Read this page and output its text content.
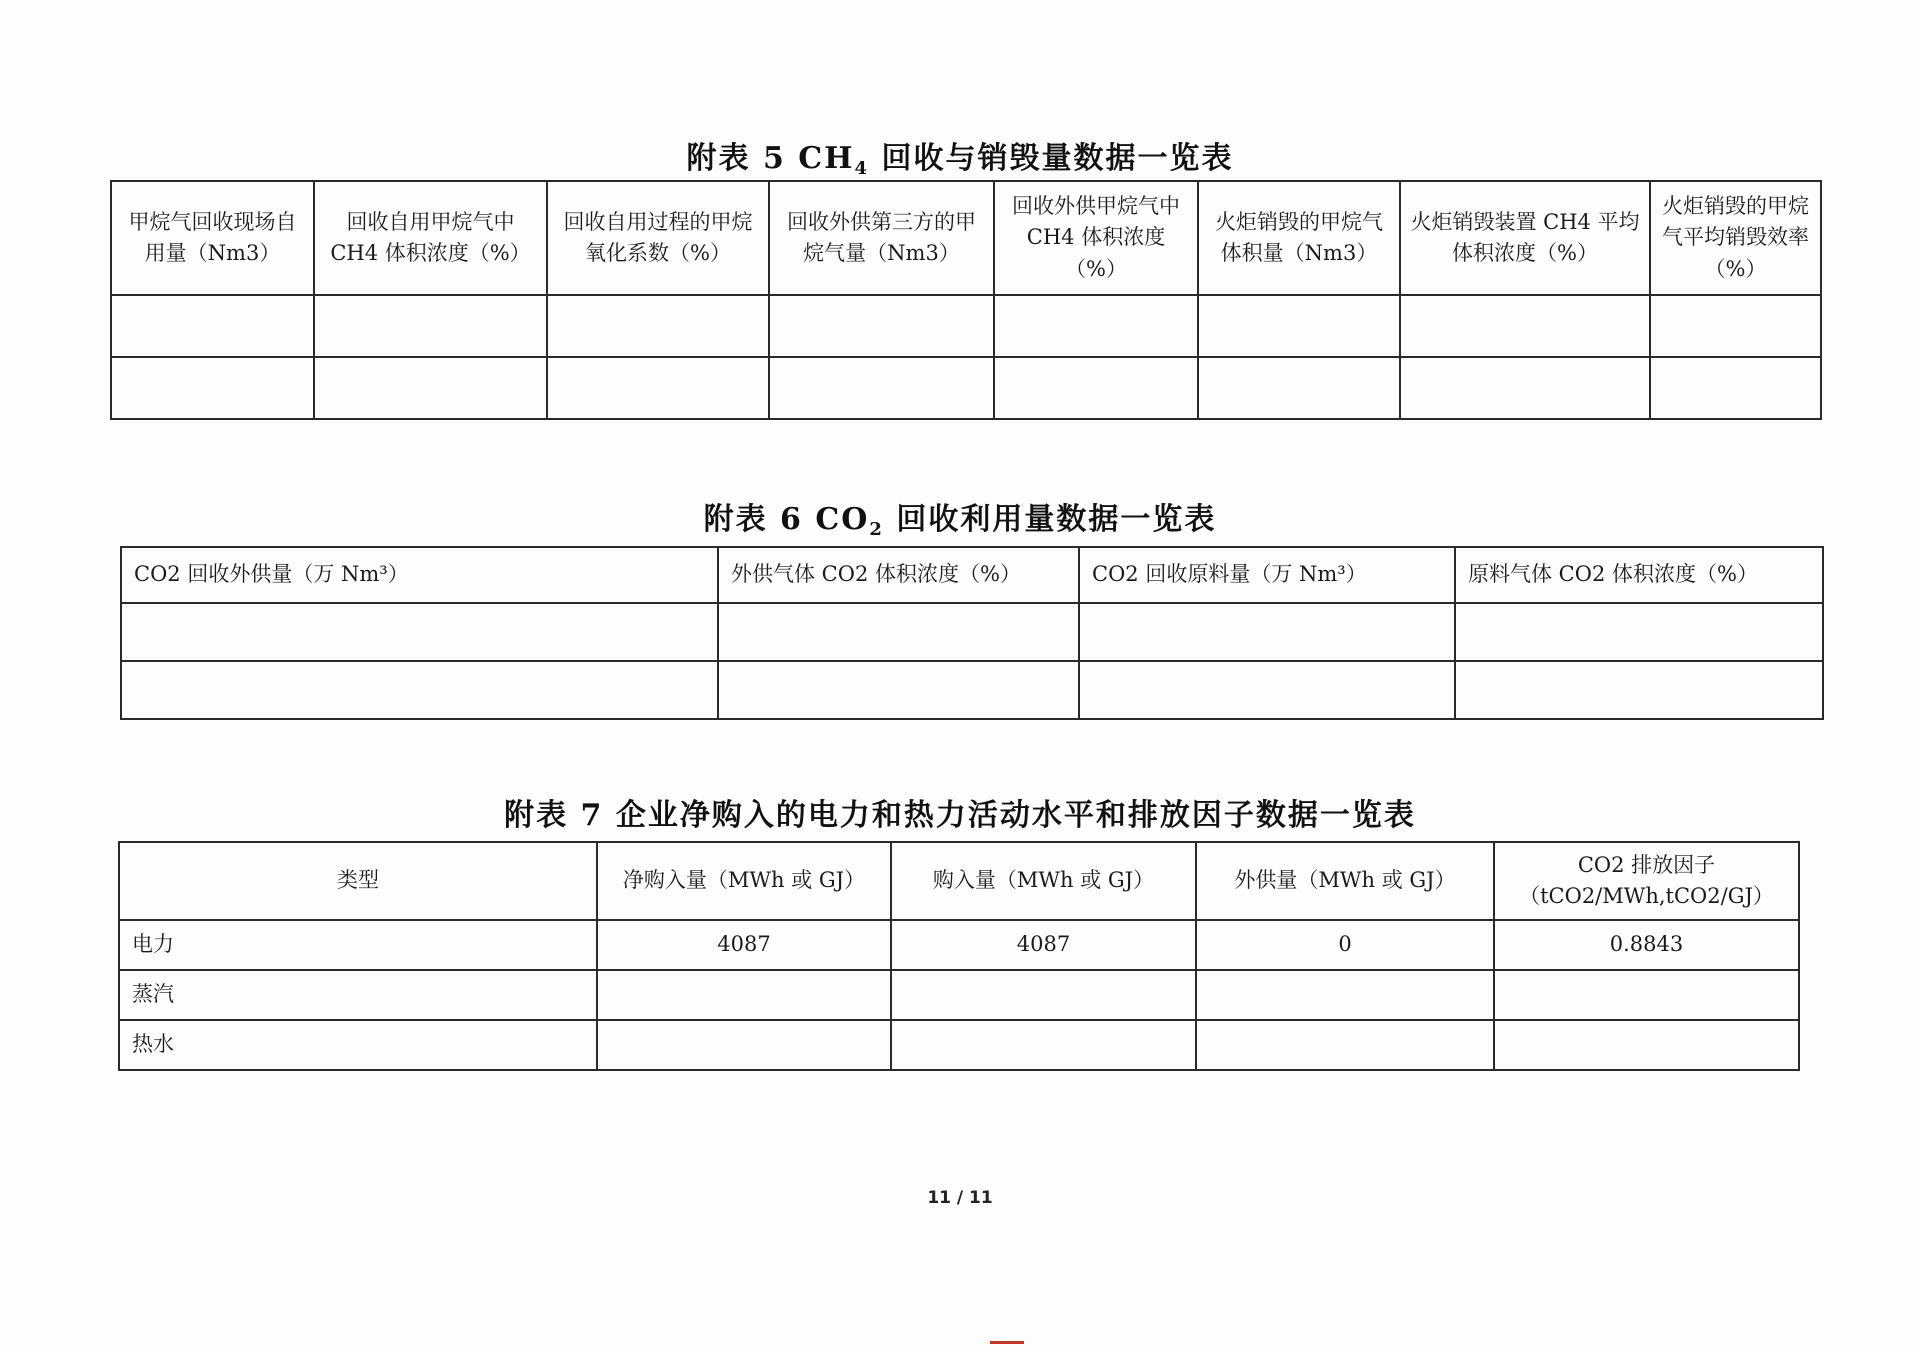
附表 5 $CH_4$ 回收与销毁量数据一览表
甲烷气回收现场自用量（Nm3）	回收自用甲烷气中 CH4 体积浓度（%）	回收自用过程的甲烷氧化系数（%）	回收外供第三方的甲烷气量（Nm3）	回收外供甲烷气中 CH4 体积浓度（%）	火炬销毁的甲烷气体积量（Nm3）	火炬销毁装置 CH4 平均体积浓度（%）	火炬销毁的甲烷气平均销毁效率（%）

附表 6 $CO_2$ 回收利用量数据一览表
CO2 回收外供量（万 Nm³）	外供气体 CO2 体积浓度（%）	CO2 回收原料量（万 Nm³）	原料气体 CO2 体积浓度（%）

附表 7 企业净购入的电力和热力活动水平和排放因子数据一览表
类型	净购入量（MWh 或 GJ）	购入量（MWh 或 GJ）	外供量（MWh 或 GJ）	CO2 排放因子（tCO2/MWh,tCO2/GJ）
电力	4087	4087	0	0.8843
蒸汽				
热水				
11 / 11
